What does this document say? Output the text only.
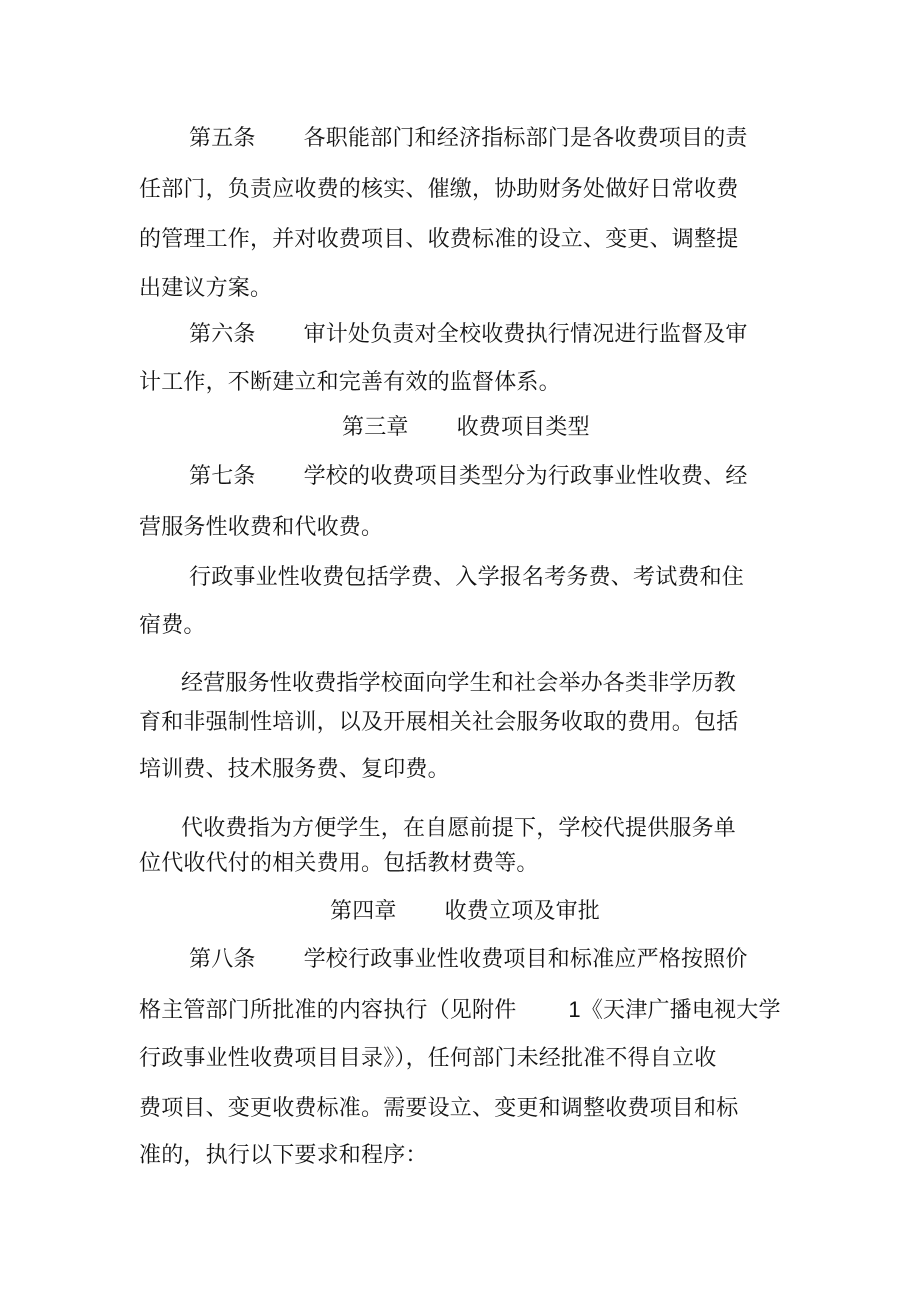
第五条 各职能部门和经济指标部门是各收费项目的责
任部门，负责应收费的核实、催缴，协助财务处做好日常收费
的管理工作，并对收费项目、收费标准的设立、变更、调整提
出建议方案。
第六条 审计处负责对全校收费执行情况进行监督及审
计工作，不断建立和完善有效的监督体系。
第三章 收费项目类型
第七条 学校的收费项目类型分为行政事业性收费、经
营服务性收费和代收费。
行政事业性收费包括学费、入学报名考务费、考试费和住
宿费。
经营服务性收费指学校面向学生和社会举办各类非学历教
育和非强制性培训，以及开展相关社会服务收取的费用。包括
培训费、技术服务费、复印费。
代收费指为方便学生，在自愿前提下，学校代提供服务单
位代收代付的相关费用。包括教材费等。
第四章 收费立项及审批
第八条 学校行政事业性收费项目和标准应严格按照价
格主管部门所批准的内容执行（见附件 1《天津广播电视大学
行政事业性收费项目目录》），任何部门未经批准不得自立收
费项目、变更收费标准。需要设立、变更和调整收费项目和标
准的，执行以下要求和程序：
